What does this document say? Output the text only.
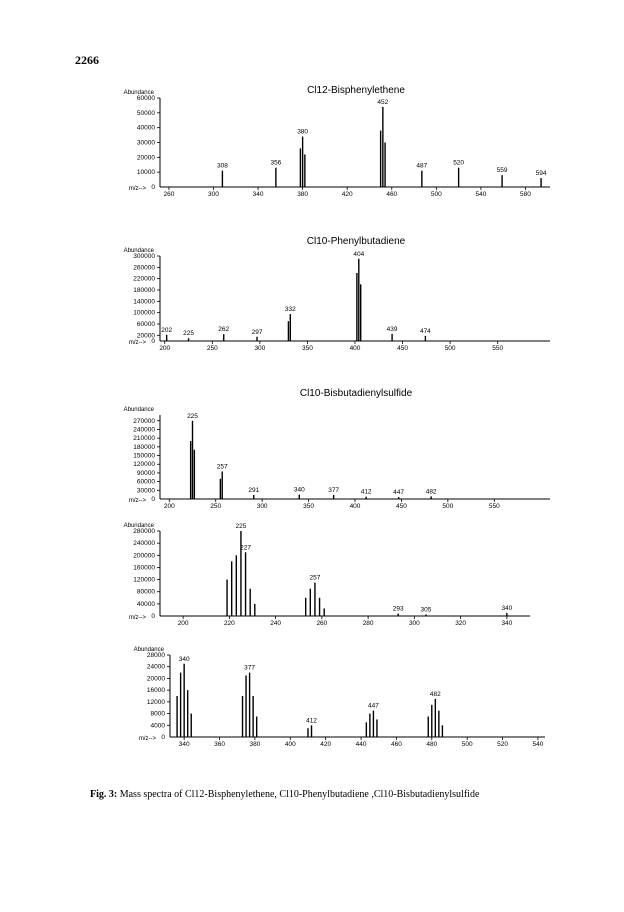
2266
Cl12-Bisphenylethene
Abundance
0
10000
20000
30000
40000
50000
60000
m/z-->
260	300	340	380	420	460	500	540	580
308	356
380
452
487	520
559	594
Cl10-Phenylbutadiene
Abundance
0
20000
60000
100000
140000
180000
220000
260000
300000
m/z-->
200	250	300	350	400	450	500	550
202 225
262	297
332
404
439	474
Cl10-Bisbutadienylsulfide
Abundance
0
30000
60000
90000
120000
150000
180000
210000
240000
270000
m/z-->
200	250	300	350	400	450	500	550
225
257
291	340	377	412	447	482
Abundance
0
40000
80000
120000
160000
200000
240000
280000
m/z-->
200	220	240	260	280	300	320	340
225
227
257
293	305	340
Abundance
0
4000
8000
12000
16000
20000
24000
28000
m/z-->
340	360	380	400	420	440	460	480	500	520	540
340
377
412
447
482
Fig. 3: Mass spectra of Cl12-Bisphenylethene, Cl10-Phenylbutadiene ,Cl10-Bisbutadienylsulfide
